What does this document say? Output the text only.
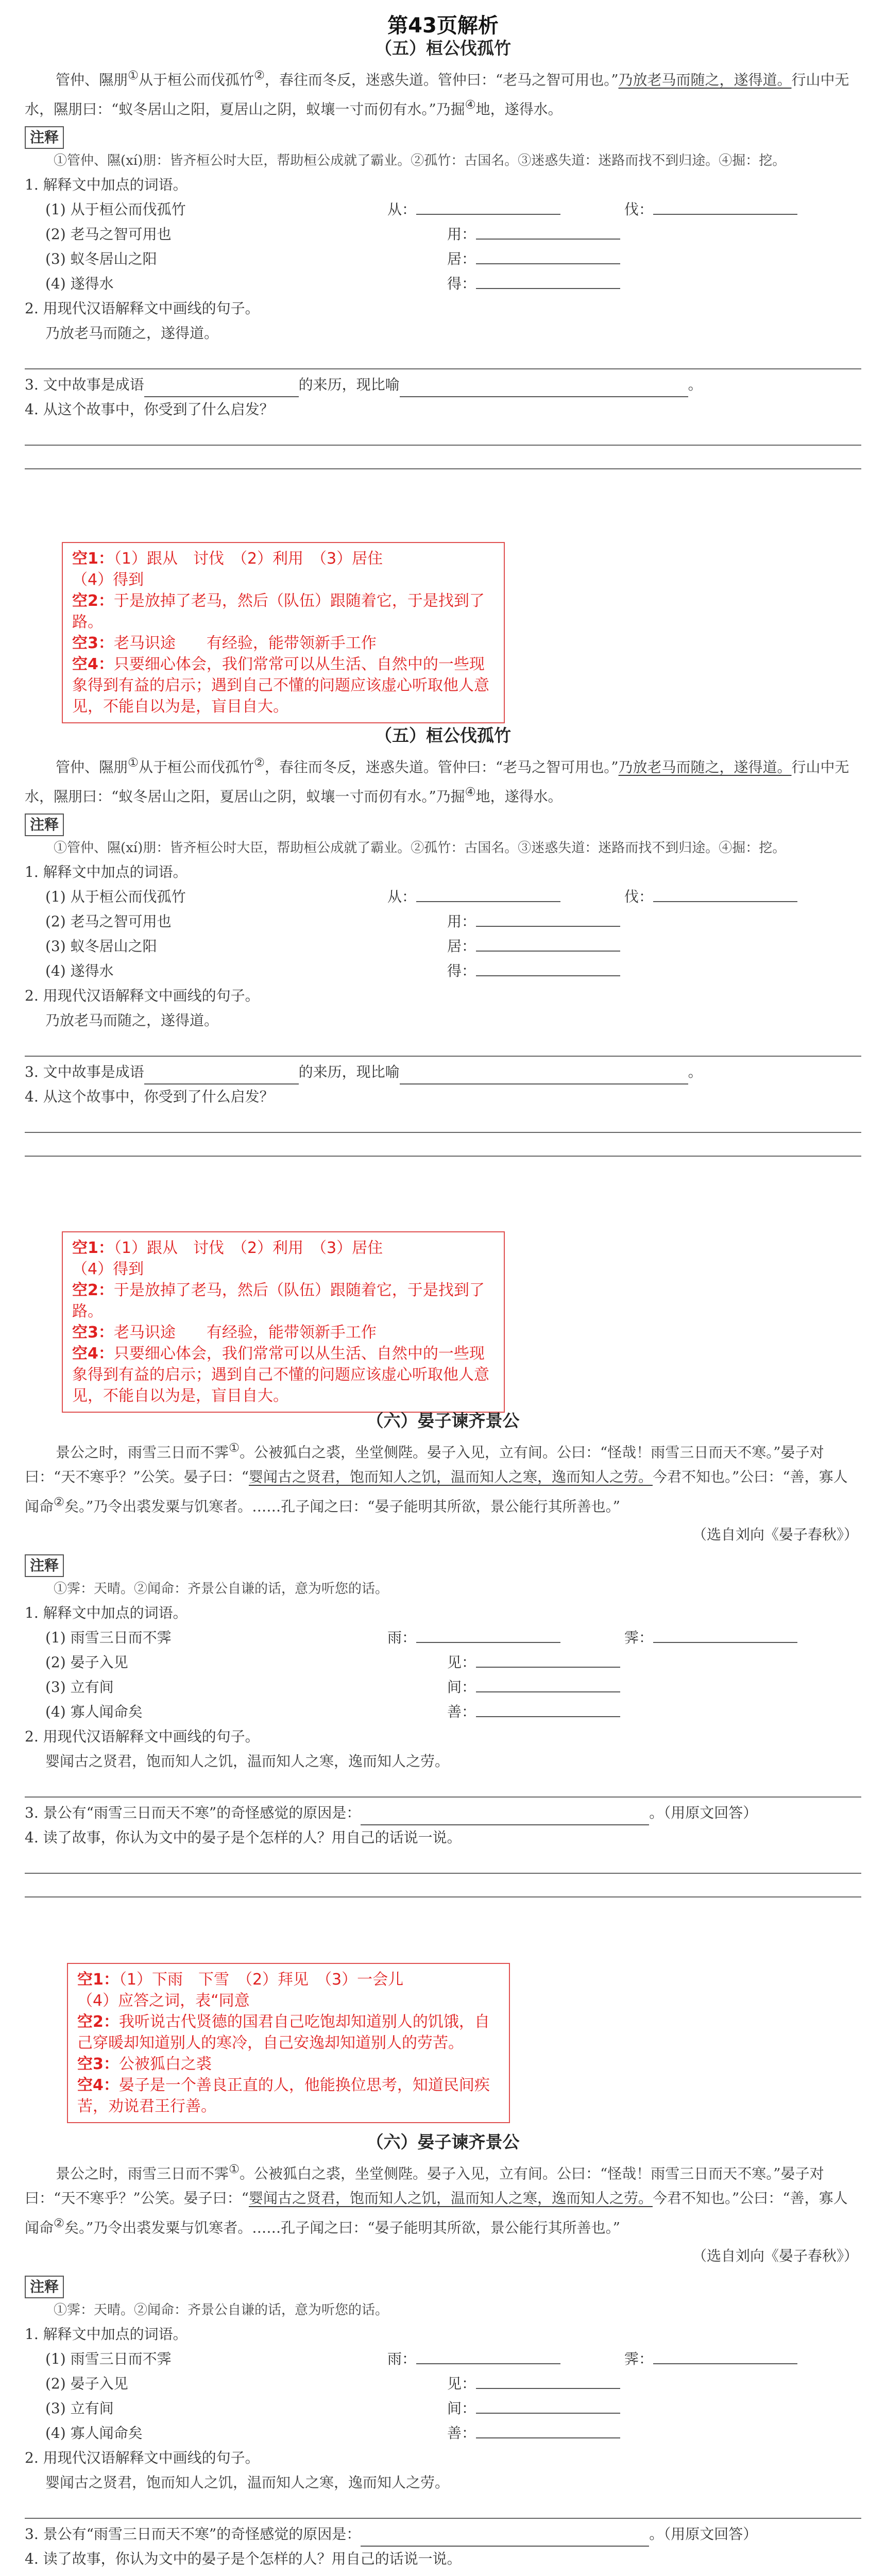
第43页解析
（五）桓公伐孤竹
管仲、隰朋①从于桓公而伐孤竹②，春往而冬反，迷惑失道。管仲曰：“老马之智可用也。”乃放老马而随之，遂得道。行山中无水，隰朋曰：“蚁冬居山之阳，夏居山之阴，蚁壤一寸而仞有水。”乃掘④地，遂得水。
注释
①管仲、隰(xí)朋：皆齐桓公时大臣，帮助桓公成就了霸业。②孤竹：古国名。③迷惑失道：迷路而找不到归途。④掘：挖。
1. 解释文中加点的词语。
(1) 从于桓公而伐孤竹	从：	伐：
(2) 老马之智可用也	用：
(3) 蚁冬居山之阳	居：
(4) 遂得水	得：
2. 用现代汉语解释文中画线的句子。
乃放老马而随之，遂得道。
3. 文中故事是成语	的来历，现比喻	。
4. 从这个故事中，你受到了什么启发？
空1：（1）跟从　讨伐　（2）利用　（3）居住
（4）得到
空2：于是放掉了老马，然后（队伍）跟随着它，于是找到了路。
空3：老马识途　　有经验，能带领新手工作
空4：只要细心体会，我们常常可以从生活、自然中的一些现象得到有益的启示；遇到自己不懂的问题应该虚心听取他人意见，不能自以为是，盲目自大。
（五）桓公伐孤竹
管仲、隰朋①从于桓公而伐孤竹②，春往而冬反，迷惑失道。管仲曰：“老马之智可用也。”乃放老马而随之，遂得道。行山中无水，隰朋曰：“蚁冬居山之阳，夏居山之阴，蚁壤一寸而仞有水。”乃掘④地，遂得水。
注释
①管仲、隰(xí)朋：皆齐桓公时大臣，帮助桓公成就了霸业。②孤竹：古国名。③迷惑失道：迷路而找不到归途。④掘：挖。
1. 解释文中加点的词语。
(1) 从于桓公而伐孤竹	从：	伐：
(2) 老马之智可用也	用：
(3) 蚁冬居山之阳	居：
(4) 遂得水	得：
2. 用现代汉语解释文中画线的句子。
乃放老马而随之，遂得道。
3. 文中故事是成语	的来历，现比喻	。
4. 从这个故事中，你受到了什么启发？
空1：（1）跟从　讨伐　（2）利用　（3）居住
（4）得到
空2：于是放掉了老马，然后（队伍）跟随着它，于是找到了路。
空3：老马识途　　有经验，能带领新手工作
空4：只要细心体会，我们常常可以从生活、自然中的一些现象得到有益的启示；遇到自己不懂的问题应该虚心听取他人意见，不能自以为是，盲目自大。
（六）晏子谏齐景公
景公之时，雨雪三日而不霁①。公被狐白之裘，坐堂侧陛。晏子入见，立有间。公曰：“怪哉！雨雪三日而天不寒。”晏子对曰：“天不寒乎？”公笑。晏子曰：“婴闻古之贤君，饱而知人之饥，温而知人之寒，逸而知人之劳。今君不知也。”公曰：“善，寡人闻命②矣。”乃令出裘发粟与饥寒者。……孔子闻之曰：“晏子能明其所欲，景公能行其所善也。”
（选自刘向《晏子春秋》）
注释
①霁：天晴。②闻命：齐景公自谦的话，意为听您的话。
1. 解释文中加点的词语。
(1) 雨雪三日而不霁	雨：	霁：
(2) 晏子入见	见：
(3) 立有间	间：
(4) 寡人闻命矣	善：
2. 用现代汉语解释文中画线的句子。
婴闻古之贤君，饱而知人之饥，温而知人之寒，逸而知人之劳。
3. 景公有“雨雪三日而天不寒”的奇怪感觉的原因是：	。（用原文回答）
4. 读了故事，你认为文中的晏子是个怎样的人？用自己的话说一说。
空1：（1）下雨　下雪　（2）拜见　（3）一会儿
（4）应答之词，表“同意
空2：我听说古代贤德的国君自己吃饱却知道别人的饥饿，自己穿暖却知道别人的寒冷，自己安逸却知道别人的劳苦。
空3：公被狐白之裘
空4：晏子是一个善良正直的人，他能换位思考，知道民间疾苦，劝说君王行善。
（六）晏子谏齐景公
景公之时，雨雪三日而不霁①。公被狐白之裘，坐堂侧陛。晏子入见，立有间。公曰：“怪哉！雨雪三日而天不寒。”晏子对曰：“天不寒乎？”公笑。晏子曰：“婴闻古之贤君，饱而知人之饥，温而知人之寒，逸而知人之劳。今君不知也。”公曰：“善，寡人闻命②矣。”乃令出裘发粟与饥寒者。……孔子闻之曰：“晏子能明其所欲，景公能行其所善也。”
（选自刘向《晏子春秋》）
注释
①霁：天晴。②闻命：齐景公自谦的话，意为听您的话。
1. 解释文中加点的词语。
(1) 雨雪三日而不霁	雨：	霁：
(2) 晏子入见	见：
(3) 立有间	间：
(4) 寡人闻命矣	善：
2. 用现代汉语解释文中画线的句子。
婴闻古之贤君，饱而知人之饥，温而知人之寒，逸而知人之劳。
3. 景公有“雨雪三日而天不寒”的奇怪感觉的原因是：	。（用原文回答）
4. 读了故事，你认为文中的晏子是个怎样的人？用自己的话说一说。
